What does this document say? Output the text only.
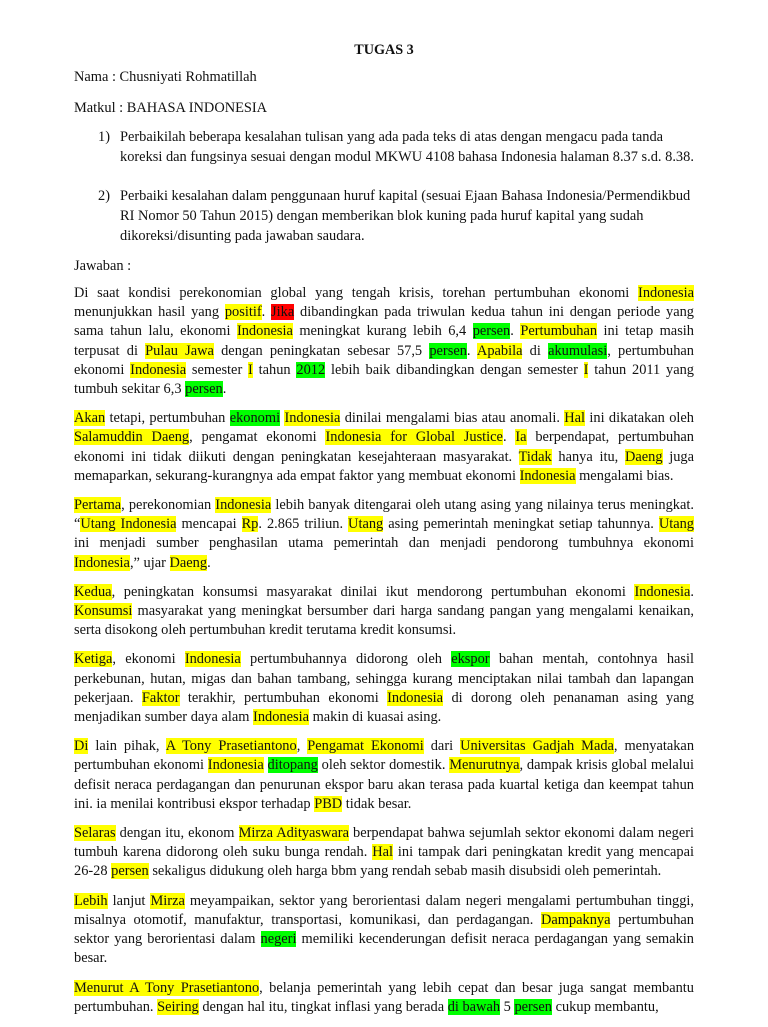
TUGAS 3
Nama : Chusniyati Rohmatillah
Matkul : BAHASA INDONESIA
1) Perbaikilah beberapa kesalahan tulisan yang ada pada teks di atas dengan mengacu pada tanda koreksi dan fungsinya sesuai dengan modul MKWU 4108 bahasa Indonesia halaman 8.37 s.d. 8.38.
2) Perbaiki kesalahan dalam penggunaan huruf kapital (sesuai Ejaan Bahasa Indonesia/Permendikbud RI Nomor 50 Tahun 2015) dengan memberikan blok kuning pada huruf kapital yang sudah dikoreksi/disunting pada jawaban saudara.
Jawaban :

Di saat kondisi perekonomian global yang tengah krisis, torehan pertumbuhan ekonomi Indonesia menunjukkan hasil yang positif. Jika dibandingkan pada triwulan kedua tahun ini dengan periode yang sama tahun lalu, ekonomi Indonesia meningkat kurang lebih 6,4 persen. Pertumbuhan ini tetap masih terpusat di Pulau Jawa dengan peningkatan sebesar 57,5 persen. Apabila di akumulasi, pertumbuhan ekonomi Indonesia semester I tahun 2012 lebih baik dibandingkan dengan semester I tahun 2011 yang tumbuh sekitar 6,3 persen.

Akan tetapi, pertumbuhan ekonomi Indonesia dinilai mengalami bias atau anomali. Hal ini dikatakan oleh Salamuddin Daeng, pengamat ekonomi Indonesia for Global Justice. Ia berpendapat, pertumbuhan ekonomi ini tidak diikuti dengan peningkatan kesejahteraan masyarakat. Tidak hanya itu, Daeng juga memaparkan, sekurang-kurangnya ada empat faktor yang membuat ekonomi Indonesia mengalami bias.

Pertama, perekonomian Indonesia lebih banyak ditengarai oleh utang asing yang nilainya terus meningkat. “Utang Indonesia mencapai Rp. 2.865 triliun. Utang asing pemerintah meningkat setiap tahunnya. Utang ini menjadi sumber penghasilan utama pemerintah dan menjadi pendorong tumbuhnya ekonomi Indonesia,” ujar Daeng.

Kedua, peningkatan konsumsi masyarakat dinilai ikut mendorong pertumbuhan ekonomi Indonesia. Konsumsi masyarakat yang meningkat bersumber dari harga sandang pangan yang mengalami kenaikan, serta disokong oleh pertumbuhan kredit terutama kredit konsumsi.

Ketiga, ekonomi Indonesia pertumbuhannya didorong oleh ekspor bahan mentah, contohnya hasil perkebunan, hutan, migas dan bahan tambang, sehingga kurang menciptakan nilai tambah dan lapangan pekerjaan. Faktor terakhir, pertumbuhan ekonomi Indonesia di dorong oleh penanaman asing yang menjadikan sumber daya alam Indonesia makin di kuasai asing.

Di lain pihak, A Tony Prasetiantono, Pengamat Ekonomi dari Universitas Gadjah Mada, menyatakan pertumbuhan ekonomi Indonesia ditopang oleh sektor domestik. Menurutnya, dampak krisis global melalui defisit neraca perdagangan dan penurunan ekspor baru akan terasa pada kuartal ketiga dan keempat tahun ini. ia menilai kontribusi ekspor terhadap PBD tidak besar.

Selaras dengan itu, ekonom Mirza Adityaswara berpendapat bahwa sejumlah sektor ekonomi dalam negeri tumbuh karena didorong oleh suku bunga rendah. Hal ini tampak dari peningkatan kredit yang mencapai 26-28 persen sekaligus didukung oleh harga bbm yang rendah sebab masih disubsidi oleh pemerintah.

Lebih lanjut Mirza meyampaikan, sektor yang berorientasi dalam negeri mengalami pertumbuhan tinggi, misalnya otomotif, manufaktur, transportasi, komunikasi, dan perdagangan. Dampaknya pertumbuhan sektor yang berorientasi dalam negeri memiliki kecenderungan defisit neraca perdagangan yang semakin besar.

Menurut A Tony Prasetiantono, belanja pemerintah yang lebih cepat dan besar juga sangat membantu pertumbuhan. Seiring dengan hal itu, tingkat inflasi yang berada di bawah 5 persen cukup membantu,
